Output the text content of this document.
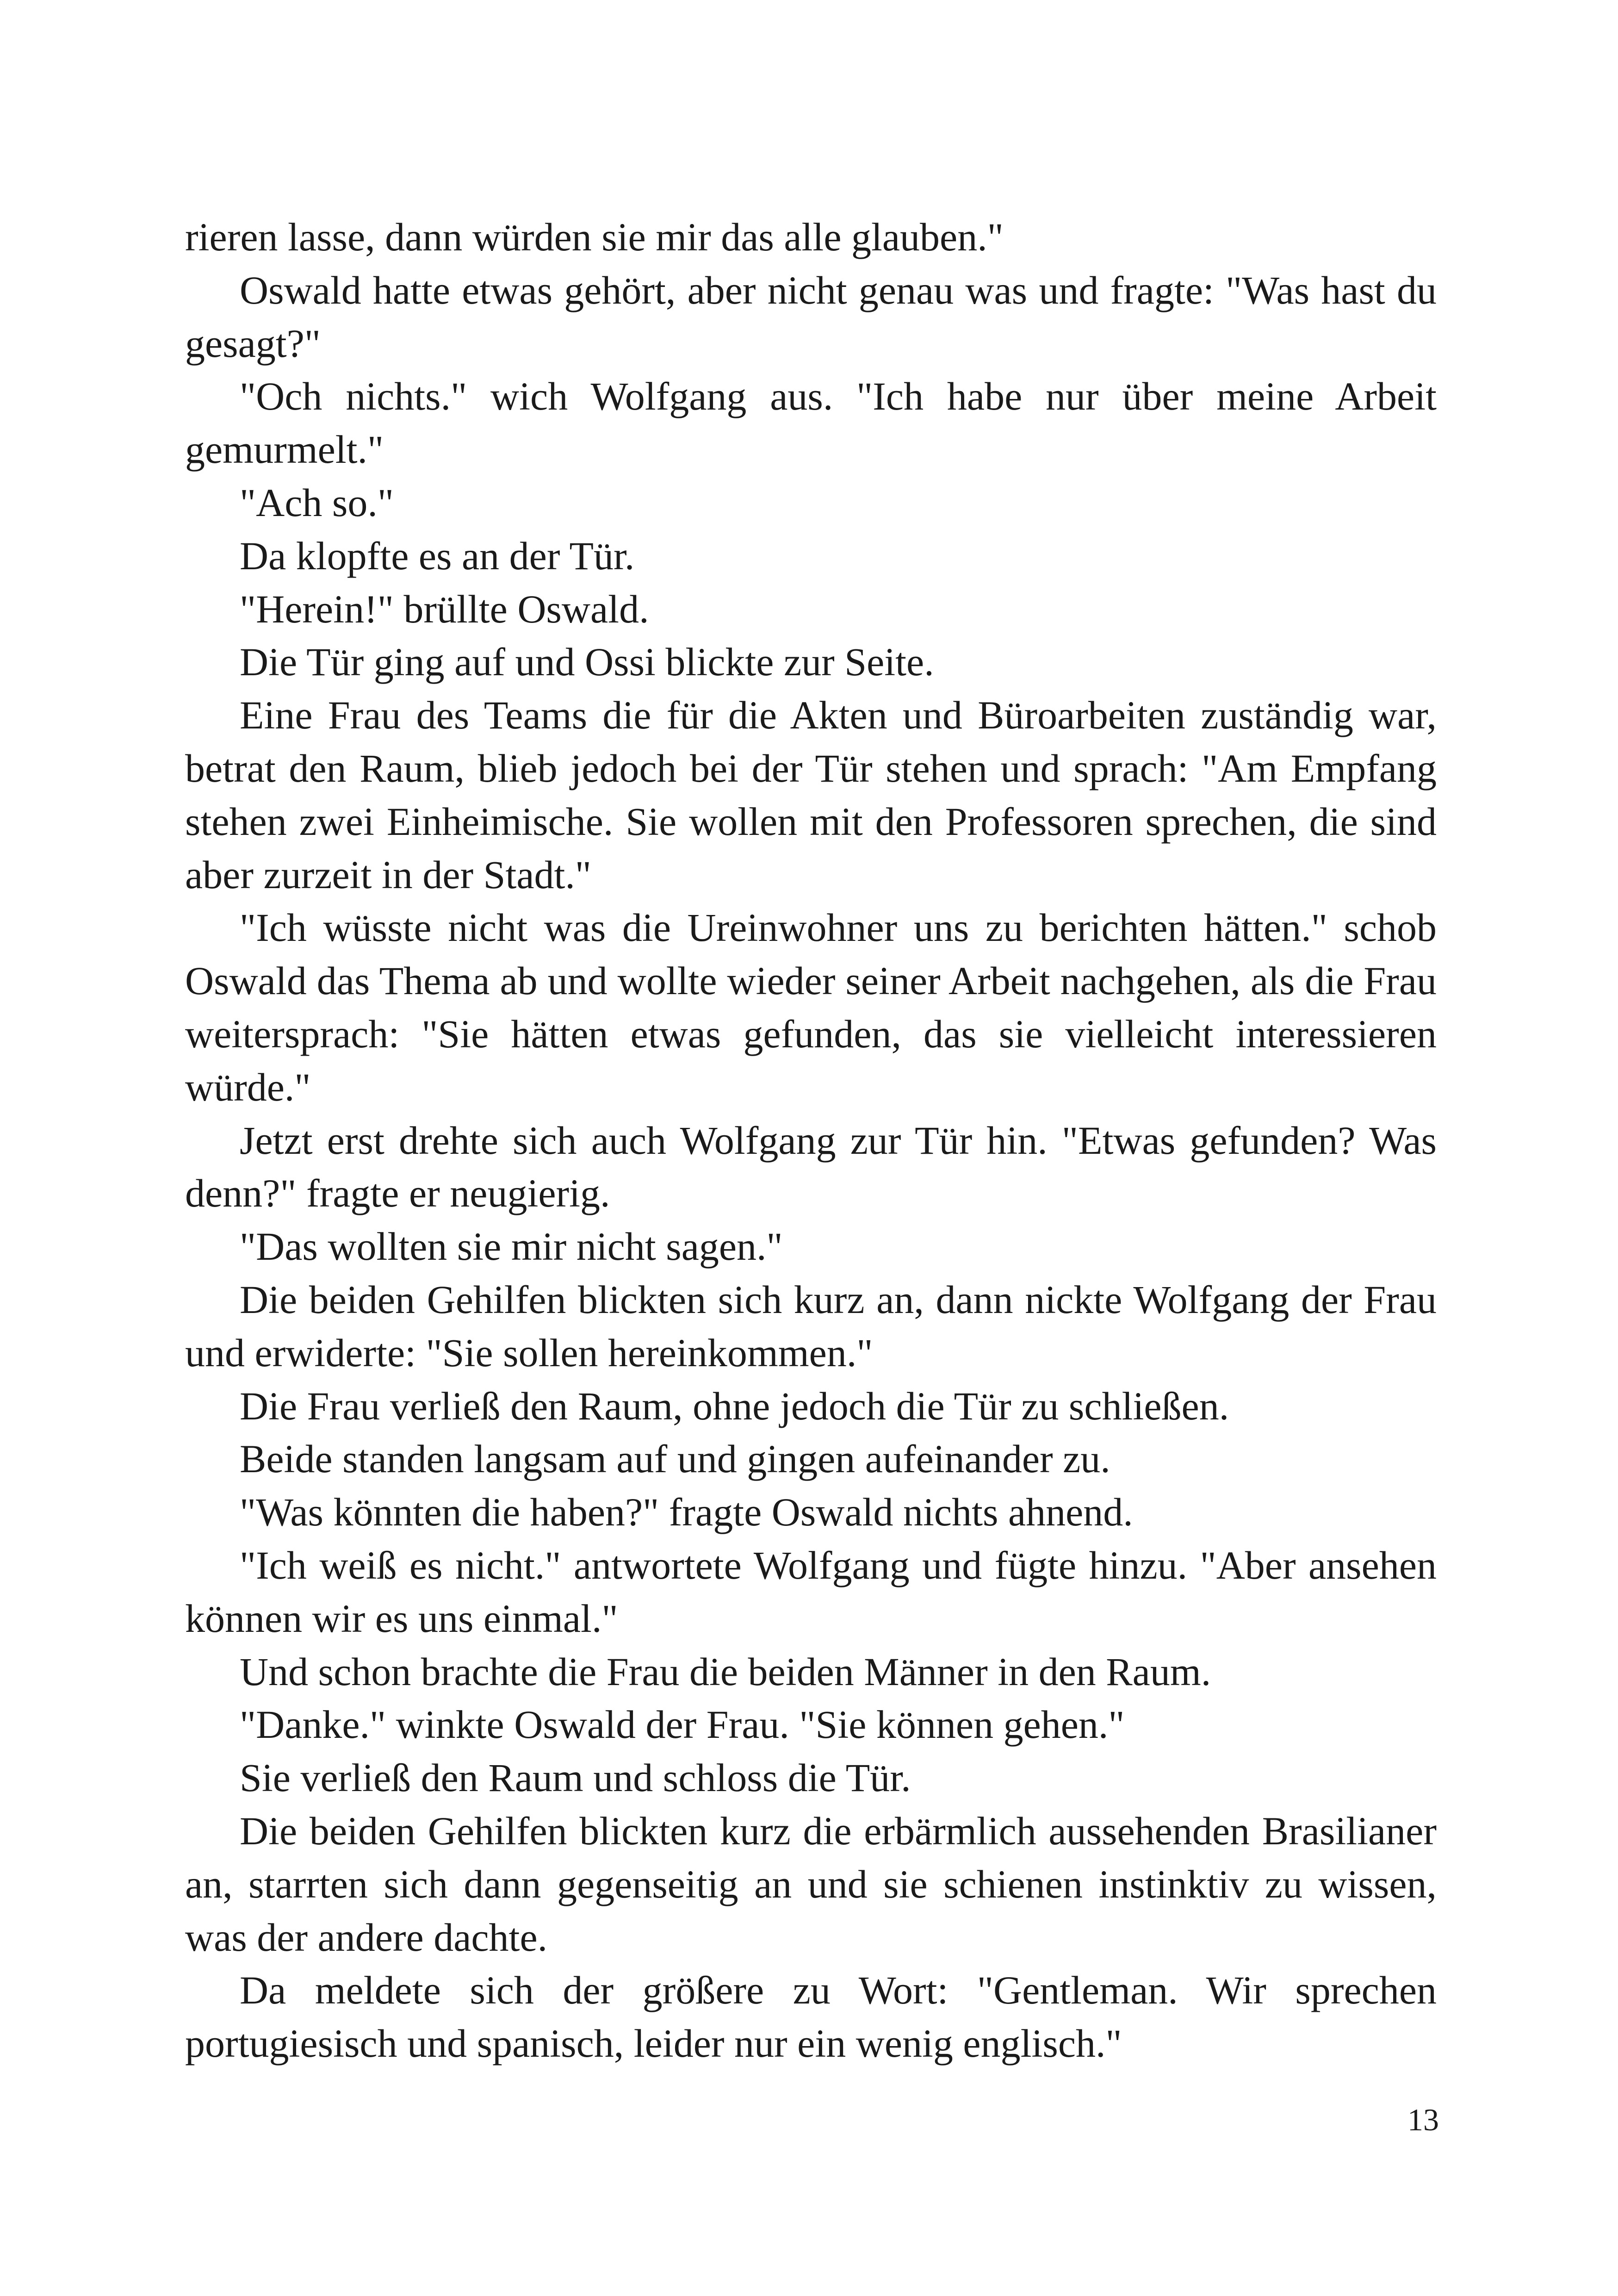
rieren lasse, dann würden sie mir das alle glauben."

Oswald hatte etwas gehört, aber nicht genau was und fragte: "Was hast du gesagt?"

"Och nichts." wich Wolfgang aus. "Ich habe nur über meine Arbeit gemurmelt."

"Ach so."

Da klopfte es an der Tür.

"Herein!" brüllte Oswald.

Die Tür ging auf und Ossi blickte zur Seite.

Eine Frau des Teams die für die Akten und Büroarbeiten zuständig war, betrat den Raum, blieb jedoch bei der Tür stehen und sprach: "Am Empfang stehen zwei Einheimische. Sie wollen mit den Professoren sprechen, die sind aber zurzeit in der Stadt."

"Ich wüsste nicht was die Ureinwohner uns zu berichten hätten." schob Oswald das Thema ab und wollte wieder seiner Arbeit nachgehen, als die Frau weitersprach: "Sie hätten etwas gefunden, das sie vielleicht interessieren würde."

Jetzt erst drehte sich auch Wolfgang zur Tür hin. "Etwas gefunden? Was denn?" fragte er neugierig.

"Das wollten sie mir nicht sagen."

Die beiden Gehilfen blickten sich kurz an, dann nickte Wolfgang der Frau und erwiderte: "Sie sollen hereinkommen."

Die Frau verließ den Raum, ohne jedoch die Tür zu schließen.

Beide standen langsam auf und gingen aufeinander zu.

"Was könnten die haben?" fragte Oswald nichts ahnend.

"Ich weiß es nicht." antwortete Wolfgang und fügte hinzu. "Aber ansehen können wir es uns einmal."

Und schon brachte die Frau die beiden Männer in den Raum.

"Danke." winkte Oswald der Frau. "Sie können gehen."

Sie verließ den Raum und schloss die Tür.

Die beiden Gehilfen blickten kurz die erbärmlich aussehenden Brasilianer an, starrten sich dann gegenseitig an und sie schienen instinktiv zu wissen, was der andere dachte.

Da meldete sich der größere zu Wort: "Gentleman. Wir sprechen portugiesisch und spanisch, leider nur ein wenig englisch."

13
